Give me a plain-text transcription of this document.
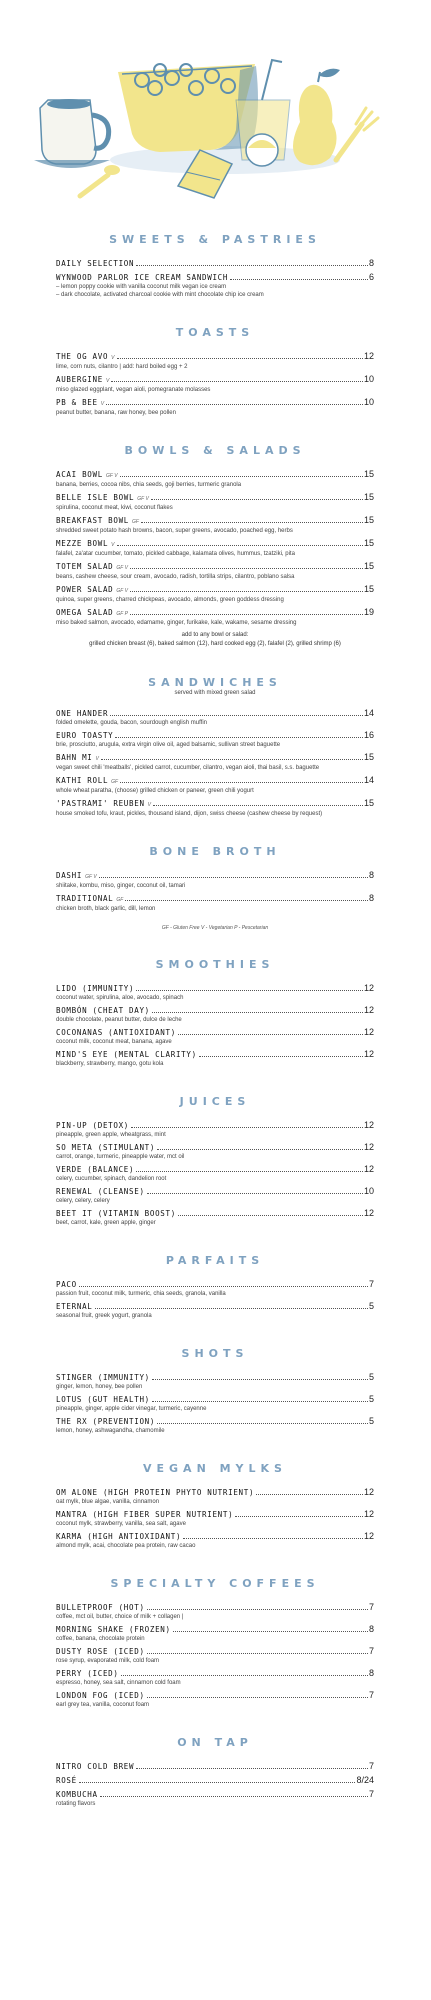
SWEETS & PASTRIES
DAILY SELECTION	8
WYNWOOD PARLOR ICE CREAM SANDWICH	6
– lemon poppy cookie with vanilla coconut milk vegan ice cream
– dark chocolate, activated charcoal cookie with mint chocolate chip ice cream
TOASTS
THE OG AVO V	12
lime, corn nuts, cilantro | add: hard boiled egg + 2
AUBERGINE V	10
miso glazed eggplant, vegan aioli, pomegranate molasses
PB & BEE V	10
peanut butter, banana, raw honey, bee pollen
BOWLS & SALADS
ACAI BOWL GF V	15
banana, berries, cocoa nibs, chia seeds, goji berries, turmeric granola
BELLE ISLE BOWL GF V	15
spirulina, coconut meat, kiwi, coconut flakes
BREAKFAST BOWL GF	15
shredded sweet potato hash browns, bacon, super greens, avocado, poached egg, herbs
MEZZE BOWL V	15
falafel, za'atar cucumber, tomato, pickled cabbage, kalamata olives, hummus, tzatziki, pita
TOTEM SALAD GF V	15
beans, cashew cheese, sour cream, avocado, radish, tortilla strips, cilantro, poblano salsa
POWER SALAD GF V	15
quinoa, super greens, charred chickpeas, avocado, almonds, green goddess dressing
OMEGA SALAD GF P	19
miso baked salmon, avocado, edamame, ginger, furikake, kale, wakame, sesame dressing
add to any bowl or salad:
grilled chicken breast (6), baked salmon (12), hard cooked egg (2), falafel (2), grilled shrimp (6)
SANDWICHES
served with mixed green salad
ONE HANDER	14
folded omelette, gouda, bacon, sourdough english muffin
EURO TOASTY	16
brie, prosciutto, arugula, extra virgin olive oil, aged balsamic, sullivan street baguette
BAHN MI V	15
vegan sweet chili 'meatballs', pickled carrot, cucumber, cilantro, vegan aioli, thai basil, s.s. baguette
KATHI ROLL GF	14
whole wheat paratha, (choose) grilled chicken or paneer, green chili yogurt
'PASTRAMI' REUBEN V	15
house smoked tofu, kraut, pickles, thousand island, dijon, swiss cheese (cashew cheese by request)
BONE BROTH
DASHI GF V	8
shiitake, kombu, miso, ginger, coconut oil, tamari
TRADITIONAL GF	8
chicken broth, black garlic, dill, lemon
GF - Gluten Free V - Vegetarian P - Pescetarian
SMOOTHIES
LIDO (IMMUNITY)	12
coconut water, spirulina, aloe, avocado, spinach
BOMBÓN (CHEAT DAY)	12
double chocolate, peanut butter, dulce de leche
COCONANAS (ANTIOXIDANT)	12
coconut milk, coconut meat, banana, agave
MIND'S EYE (MENTAL CLARITY)	12
blackberry, strawberry, mango, gotu kola
JUICES
PIN-UP (DETOX)	12
pineapple, green apple, wheatgrass, mint
SO META (STIMULANT)	12
carrot, orange, turmeric, pineapple water, mct oil
VERDE (BALANCE)	12
celery, cucumber, spinach, dandelion root
RENEWAL (CLEANSE)	10
celery, celery, celery
BEET IT (VITAMIN BOOST)	12
beet, carrot, kale, green apple, ginger
PARFAITS
PACO	7
passion fruit, coconut milk, turmeric, chia seeds, granola, vanilla
ETERNAL	5
seasonal fruit, greek yogurt, granola
SHOTS
STINGER (IMMUNITY)	5
ginger, lemon, honey, bee pollen
LOTUS (GUT HEALTH)	5
pineapple, ginger, apple cider vinegar, turmeric, cayenne
THE RX (PREVENTION)	5
lemon, honey, ashwagandha, chamomile
VEGAN MYLKS
OM ALONE (HIGH PROTEIN PHYTO NUTRIENT)	12
oat mylk, blue algae, vanilla, cinnamon
MANTRA (HIGH FIBER SUPER NUTRIENT)	12
coconut mylk, strawberry, vanilla, sea salt, agave
KARMA (HIGH ANTIOXIDANT)	12
almond mylk, acai, chocolate pea protein, raw cacao
SPECIALTY COFFEES
BULLETPROOF (HOT)	7
coffee, mct oil, butter, choice of milk + collagen |
MORNING SHAKE (FROZEN)	8
coffee, banana, chocolate protein
DUSTY ROSE (ICED)	7
rose syrup, evaporated milk, cold foam
PERRY (ICED)	8
espresso, honey, sea salt, cinnamon cold foam
LONDON FOG (ICED)	7
earl grey tea, vanilla, coconut foam
ON TAP
NITRO COLD BREW	7
ROSÉ	8/24
KOMBUCHA	7
rotating flavors
